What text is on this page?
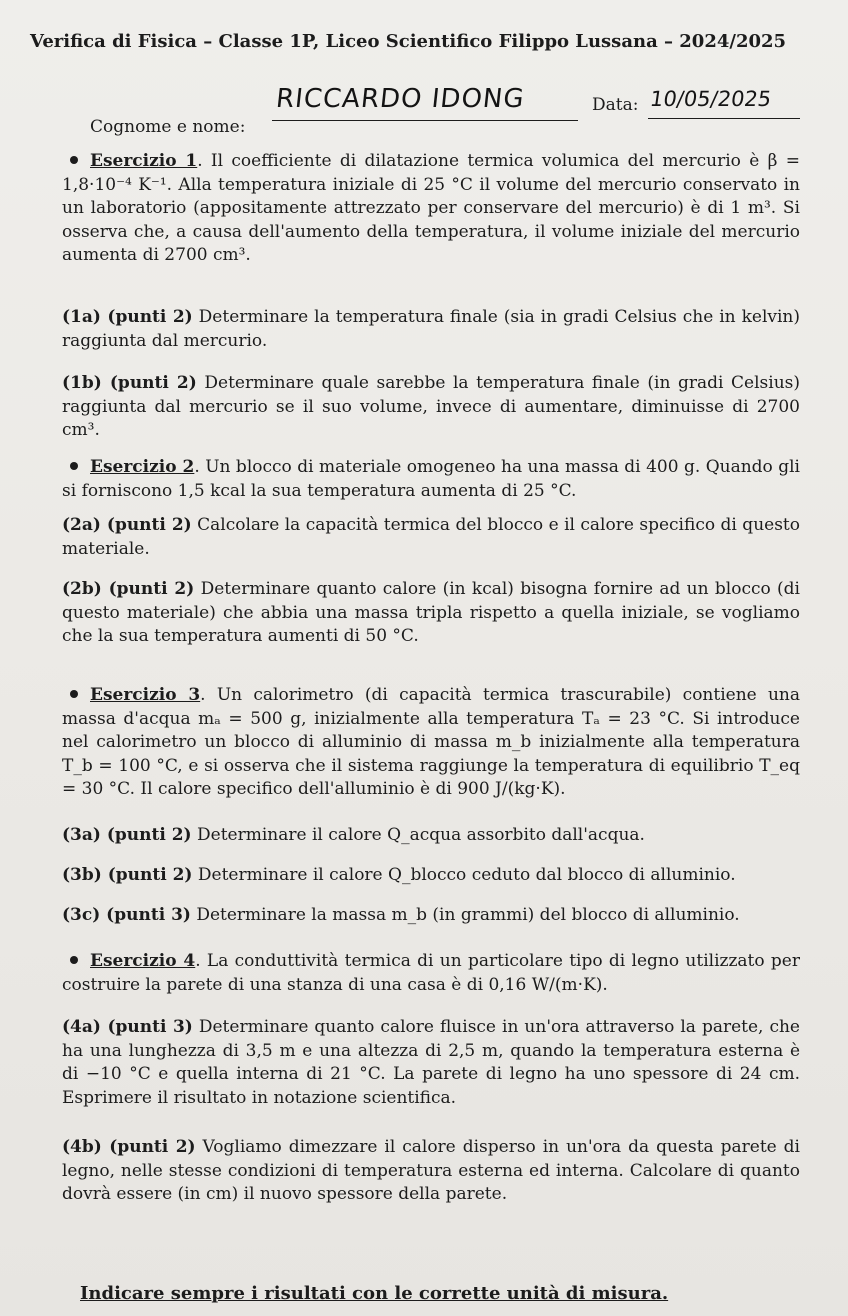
Verifica di Fisica – Classe 1P, Liceo Scientifico Filippo Lussana – 2024/2025
Cognome e nome:
RICCARDO IDONG	Data: 10/05/2025
Esercizio 1. Il coefficiente di dilatazione termica volumica del mercurio è β = 1,8·10⁻⁴ K⁻¹. Alla temperatura iniziale di 25 °C il volume del mercurio conservato in un laboratorio (appositamente attrezzato per conservare del mercurio) è di 1 m³. Si osserva che, a causa dell'aumento della temperatura, il volume iniziale del mercurio aumenta di 2700 cm³.
(1a) (punti 2) Determinare la temperatura finale (sia in gradi Celsius che in kelvin) raggiunta dal mercurio.
(1b) (punti 2) Determinare quale sarebbe la temperatura finale (in gradi Celsius) raggiunta dal mercurio se il suo volume, invece di aumentare, diminuisse di 2700 cm³.
Esercizio 2. Un blocco di materiale omogeneo ha una massa di 400 g. Quando gli si forniscono 1,5 kcal la sua temperatura aumenta di 25 °C.
(2a) (punti 2) Calcolare la capacità termica del blocco e il calore specifico di questo materiale.
(2b) (punti 2) Determinare quanto calore (in kcal) bisogna fornire ad un blocco (di questo materiale) che abbia una massa tripla rispetto a quella iniziale, se vogliamo che la sua temperatura aumenti di 50 °C.
Esercizio 3. Un calorimetro (di capacità termica trascurabile) contiene una massa d'acqua mₐ = 500 g, inizialmente alla temperatura Tₐ = 23 °C. Si introduce nel calorimetro un blocco di alluminio di massa m_b inizialmente alla temperatura T_b = 100 °C, e si osserva che il sistema raggiunge la temperatura di equilibrio T_eq = 30 °C. Il calore specifico dell'alluminio è di 900 J/(kg·K).
(3a) (punti 2) Determinare il calore Q_acqua assorbito dall'acqua.
(3b) (punti 2) Determinare il calore Q_blocco ceduto dal blocco di alluminio.
(3c) (punti 3) Determinare la massa m_b (in grammi) del blocco di alluminio.
Esercizio 4. La conduttività termica di un particolare tipo di legno utilizzato per costruire la parete di una stanza di una casa è di 0,16 W/(m·K).
(4a) (punti 3) Determinare quanto calore fluisce in un'ora attraverso la parete, che ha una lunghezza di 3,5 m e una altezza di 2,5 m, quando la temperatura esterna è di −10 °C e quella interna di 21 °C. La parete di legno ha uno spessore di 24 cm. Esprimere il risultato in notazione scientifica.
(4b) (punti 2) Vogliamo dimezzare il calore disperso in un'ora da questa parete di legno, nelle stesse condizioni di temperatura esterna ed interna. Calcolare di quanto dovrà essere (in cm) il nuovo spessore della parete.
Indicare sempre i risultati con le corrette unità di misura.
